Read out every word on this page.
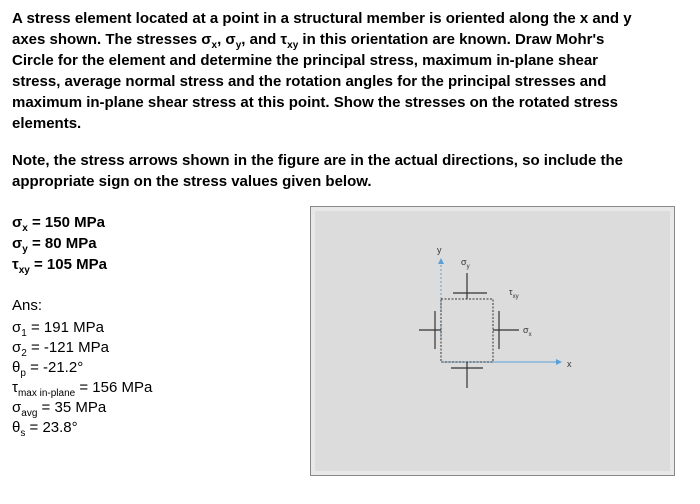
A stress element located at a point in a structural member is oriented along the x and y
axes shown. The stresses $\sigma_x$, $\sigma_y$, and $\tau_{xy}$ in this orientation are known. Draw Mohr's
Circle for the element and determine the principal stress, maximum in-plane shear
stress, average normal stress and the rotation angles for the principal stresses and
maximum in-plane shear stress at this point. Show the stresses on the rotated stress
elements.
Note, the stress arrows shown in the figure are in the actual directions, so include the
appropriate sign on the stress values given below.
$\sigma_x = 150$ MPa
$\sigma_y = 80$ MPa
$\tau_{xy} = 105$ MPa
Ans:
$\sigma_1 = 191$ MPa
$\sigma_2 = -121$ MPa
$\theta_p = -21.2^\circ$
$\tau_{max in-plane} = 156$ MPa
$\sigma_{avg} = 35$ MPa
$\theta_s = 23.8^\circ$
y
x
$\sigma_y$
$\sigma_x$
$\tau_{xy}$
